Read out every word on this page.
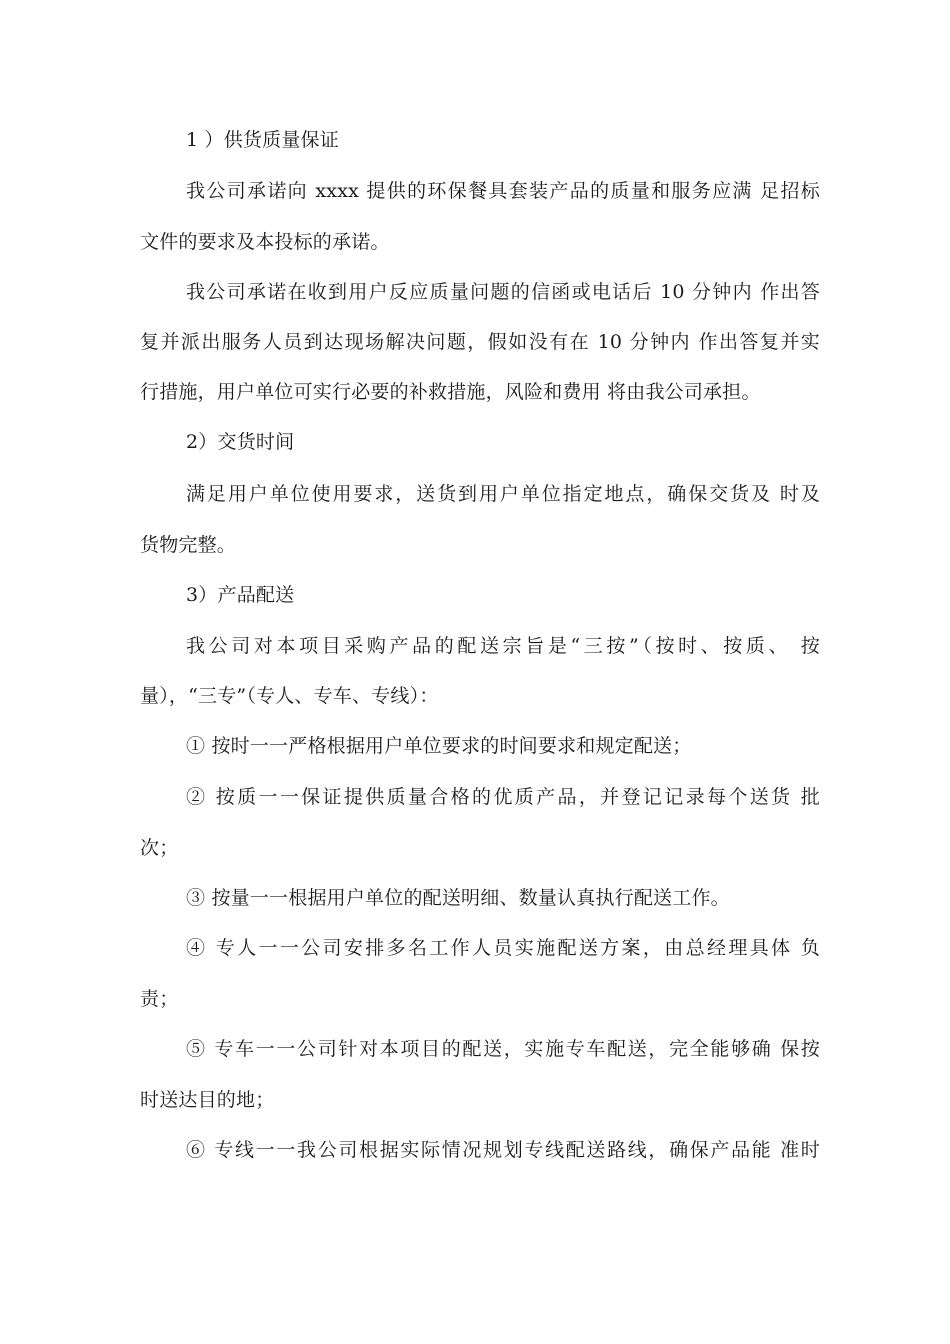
1 ）供货质量保证
我公司承诺向 xxxx 提供的环保餐具套装产品的质量和服务应满 足招标
文件的要求及本投标的承诺。
我公司承诺在收到用户反应质量问题的信函或电话后 10 分钟内 作出答
复并派出服务人员到达现场解决问题，假如没有在 10 分钟内 作出答复并实
行措施，用户单位可实行必要的补救措施，风险和费用 将由我公司承担。
2）交货时间
满足用户单位使用要求，送货到用户单位指定地点，确保交货及 时及
货物完整。
3）产品配送
我公司对本项目采购产品的配送宗旨是“三按”（按时、按质、 按
量），“三专”（专人、专车、专线）：
① 按时一一严格根据用户单位要求的时间要求和规定配送；
② 按质一一保证提供质量合格的优质产品，并登记记录每个送货 批
次；
③ 按量一一根据用户单位的配送明细、数量认真执行配送工作。
④ 专人一一公司安排多名工作人员实施配送方案，由总经理具体 负
责；
⑤ 专车一一公司针对本项目的配送，实施专车配送，完全能够确 保按
时送达目的地；
⑥ 专线一一我公司根据实际情况规划专线配送路线，确保产品能 准时
